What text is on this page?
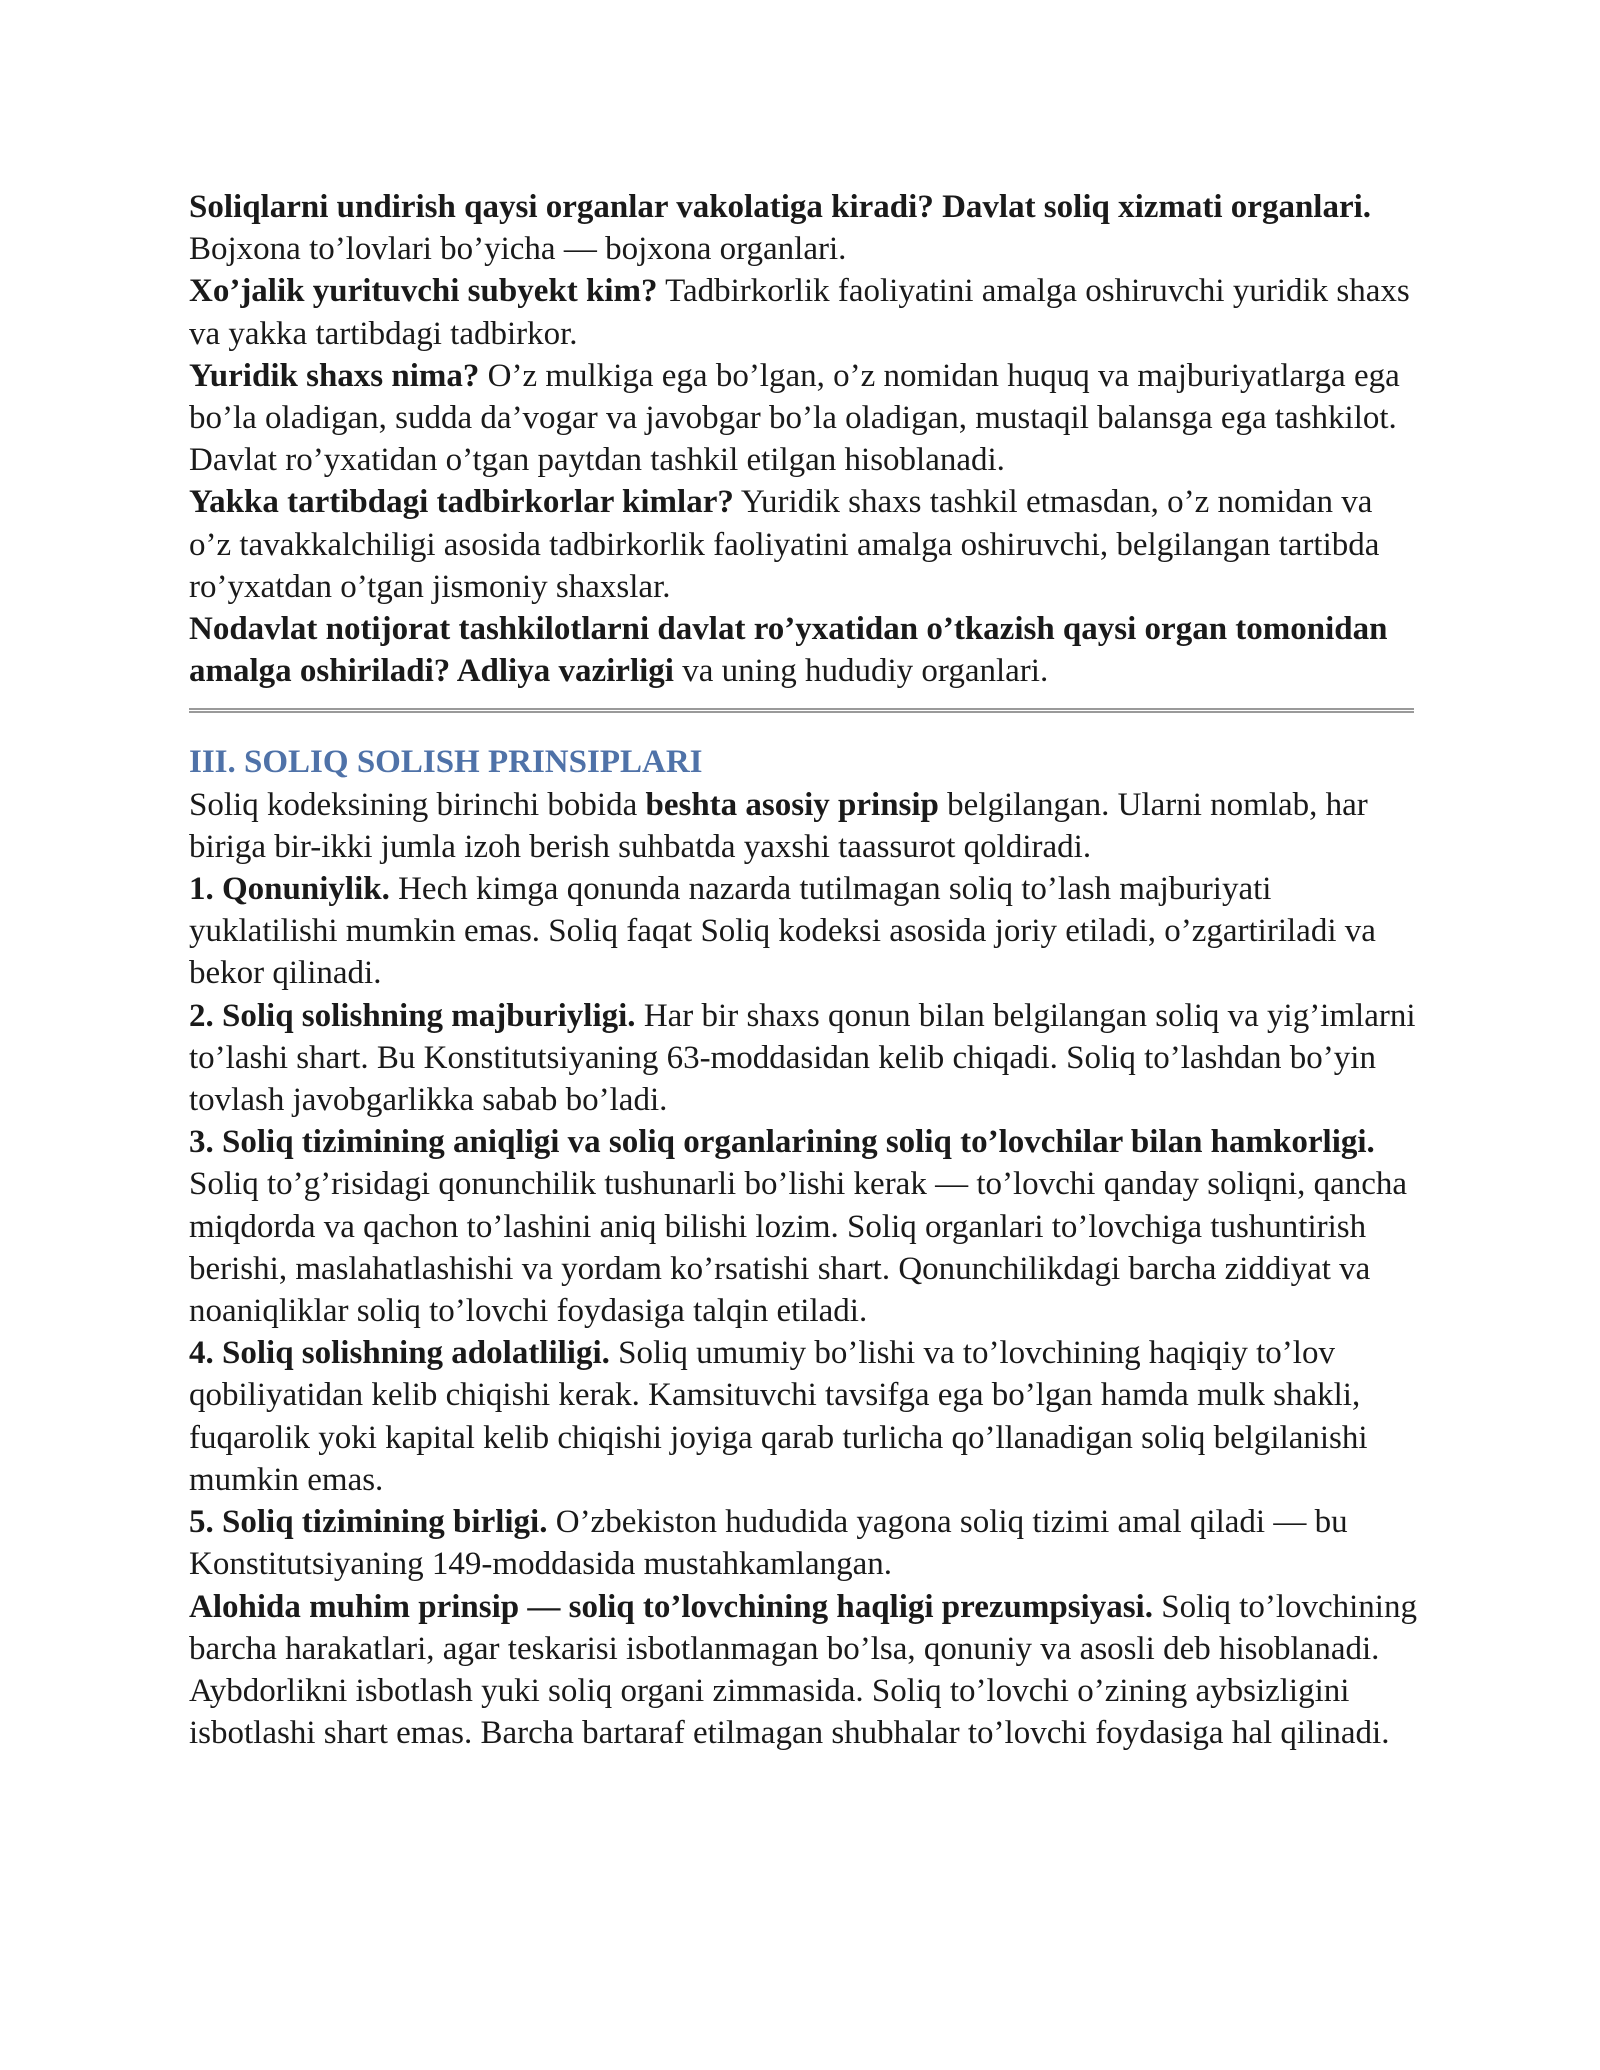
Soliqlarni undirish qaysi organlar vakolatiga kiradi? Davlat soliq xizmati organlari. Bojxona to’lovlari bo’yicha — bojxona organlari.

Xo’jalik yurituvchi subyekt kim? Tadbirkorlik faoliyatini amalga oshiruvchi yuridik shaxs va yakka tartibdagi tadbirkor.

Yuridik shaxs nima? O’z mulkiga ega bo’lgan, o’z nomidan huquq va majburiyatlarga ega bo’la oladigan, sudda da’vogar va javobgar bo’la oladigan, mustaqil balansga ega tashkilot. Davlat ro’yxatidan o’tgan paytdan tashkil etilgan hisoblanadi.

Yakka tartibdagi tadbirkorlar kimlar? Yuridik shaxs tashkil etmasdan, o’z nomidan va o’z tavakkalchiligi asosida tadbirkorlik faoliyatini amalga oshiruvchi, belgilangan tartibda ro’yxatdan o’tgan jismoniy shaxslar.

Nodavlat notijorat tashkilotlarni davlat ro’yxatidan o’tkazish qaysi organ tomonidan amalga oshiriladi? Adliya vazirligi va uning hududiy organlari.

III. SOLIQ SOLISH PRINSIPLARI

Soliq kodeksining birinchi bobida beshta asosiy prinsip belgilangan. Ularni nomlab, har biriga bir-ikki jumla izoh berish suhbatda yaxshi taassurot qoldiradi.

1. Qonuniylik. Hech kimga qonunda nazarda tutilmagan soliq to’lash majburiyati yuklatilishi mumkin emas. Soliq faqat Soliq kodeksi asosida joriy etiladi, o’zgartiriladi va bekor qilinadi.

2. Soliq solishning majburiyligi. Har bir shaxs qonun bilan belgilangan soliq va yig’imlarni to’lashi shart. Bu Konstitutsiyaning 63-moddasidan kelib chiqadi. Soliq to’lashdan bo’yin tovlash javobgarlikka sabab bo’ladi.

3. Soliq tizimining aniqligi va soliq organlarining soliq to’lovchilar bilan hamkorligi. Soliq to’g’risidagi qonunchilik tushunarli bo’lishi kerak — to’lovchi qanday soliqni, qancha miqdorda va qachon to’lashini aniq bilishi lozim. Soliq organlari to’lovchiga tushuntirish berishi, maslahatlashishi va yordam ko’rsatishi shart. Qonunchilikdagi barcha ziddiyat va noaniqliklar soliq to’lovchi foydasiga talqin etiladi.

4. Soliq solishning adolatliligi. Soliq umumiy bo’lishi va to’lovchining haqiqiy to’lov qobiliyatidan kelib chiqishi kerak. Kamsituvchi tavsifga ega bo’lgan hamda mulk shakli, fuqarolik yoki kapital kelib chiqishi joyiga qarab turlicha qo’llanadigan soliq belgilanishi mumkin emas.

5. Soliq tizimining birligi. O’zbekiston hududida yagona soliq tizimi amal qiladi — bu Konstitutsiyaning 149-moddasida mustahkamlangan.

Alohida muhim prinsip — soliq to’lovchining haqligi prezumpsiyasi. Soliq to’lovchining barcha harakatlari, agar teskarisi isbotlanmagan bo’lsa, qonuniy va asosli deb hisoblanadi. Aybdorlikni isbotlash yuki soliq organi zimmasida. Soliq to’lovchi o’zining aybsizligini isbotlashi shart emas. Barcha bartaraf etilmagan shubhalar to’lovchi foydasiga hal qilinadi.
